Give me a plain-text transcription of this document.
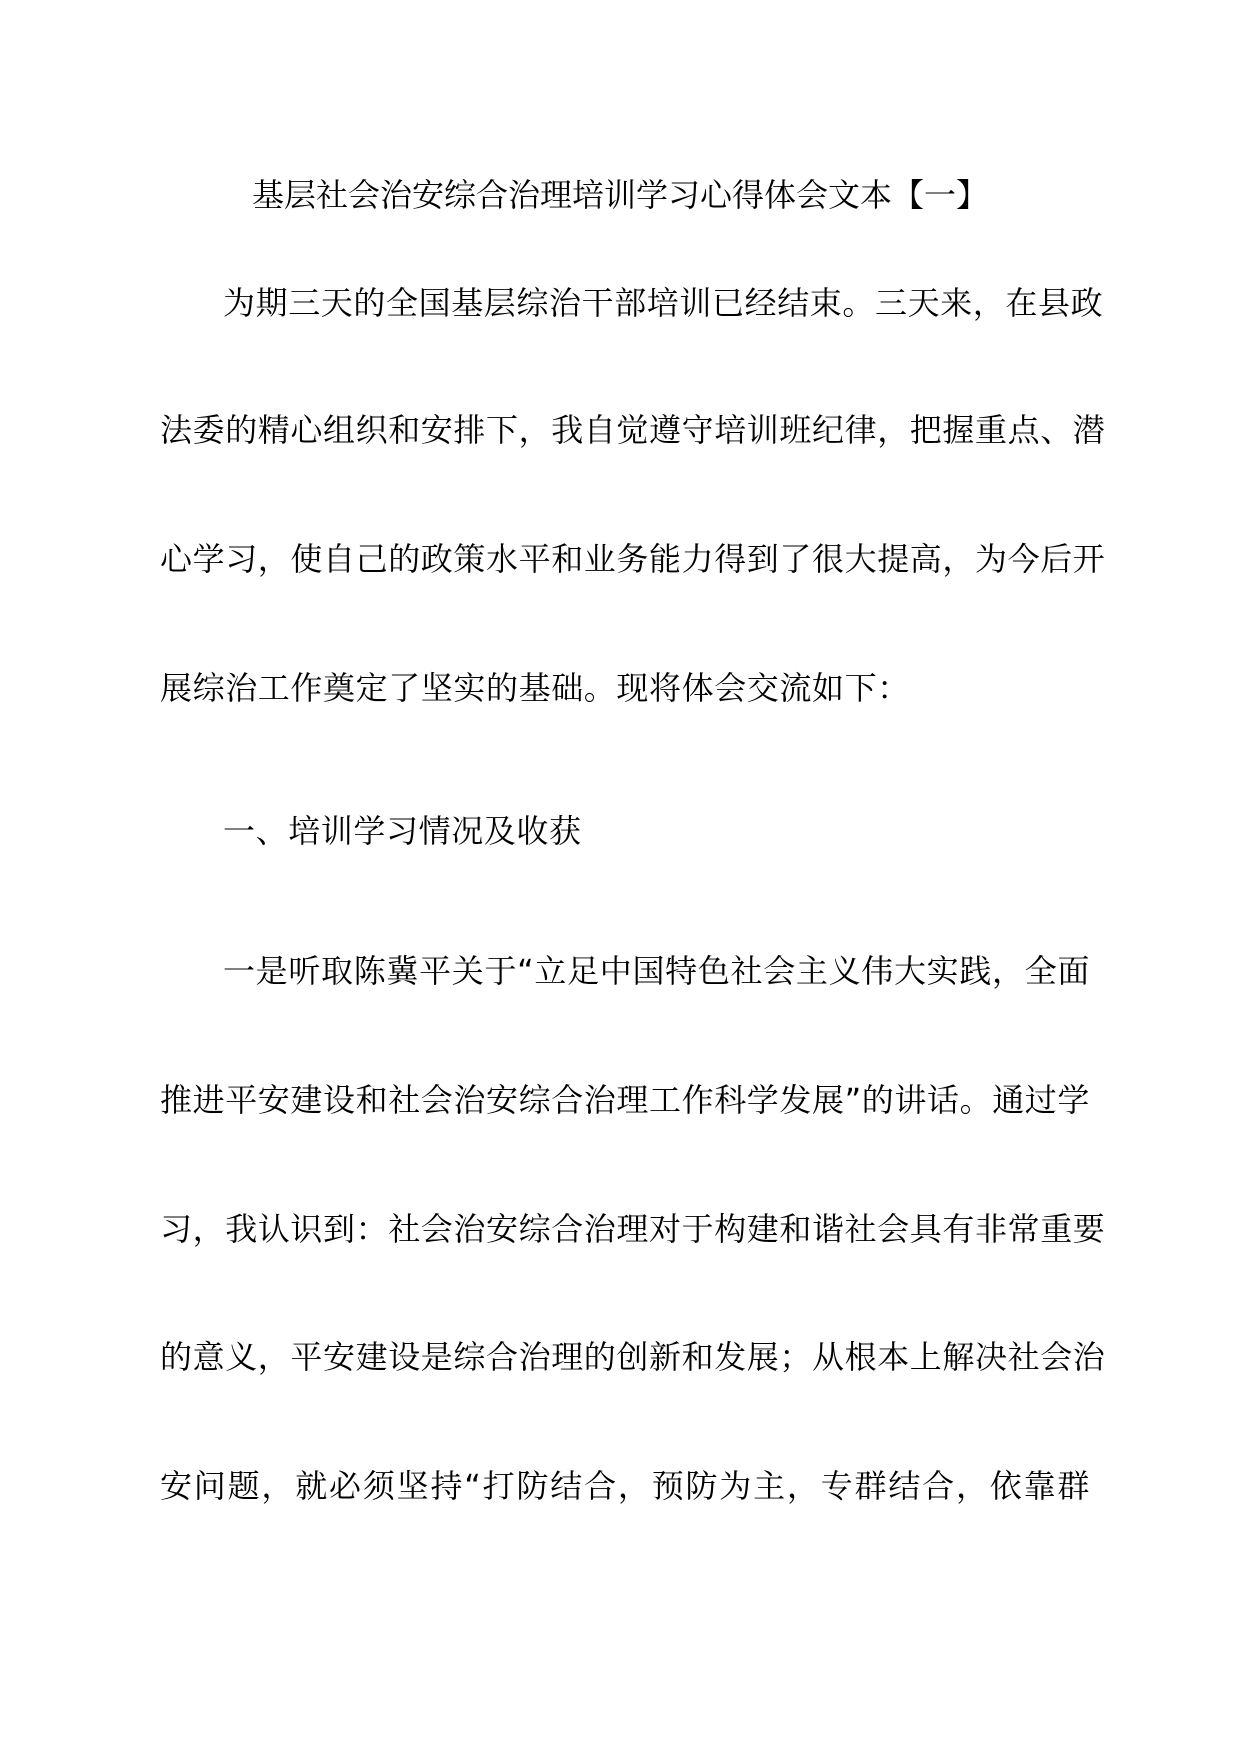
基层社会治安综合治理培训学习心得体会文本【一】
为期三天的全国基层综治干部培训已经结束。三天来，在县政
法委的精心组织和安排下，我自觉遵守培训班纪律，把握重点、潜
心学习，使自己的政策水平和业务能力得到了很大提高，为今后开
展综治工作奠定了坚实的基础。现将体会交流如下：
一、培训学习情况及收获
一是听取陈冀平关于“立足中国特色社会主义伟大实践，全面
推进平安建设和社会治安综合治理工作科学发展”的讲话。通过学
习，我认识到：社会治安综合治理对于构建和谐社会具有非常重要
的意义，平安建设是综合治理的创新和发展；从根本上解决社会治
安问题，就必须坚持“打防结合，预防为主，专群结合，依靠群
